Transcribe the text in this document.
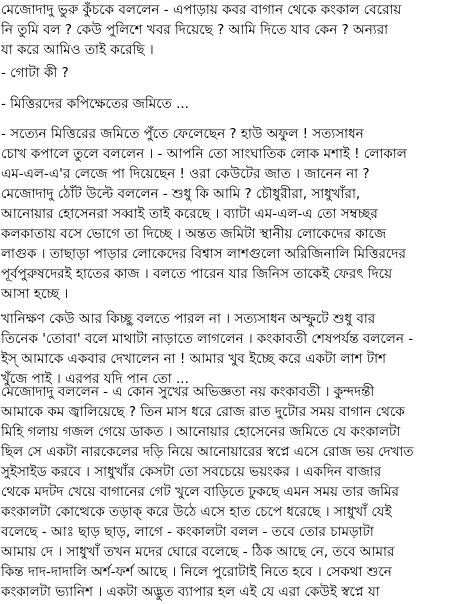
মেজোদাদু ভুরু কুঁচকে বললেন - এপাড়ায় কবর বাগান থেকে কংকাল বেরোয়
নি তুমি বল ? কেউ পুলিশে খবর দিয়েছে ? আমি দিতে যাব কেন ? অন্যরা
যা করে আমিও তাই করেছি ।
- গোটা কী ?
- মিত্তিরদের কপিক্ষেতের জমিতে ...
- সত্যেন মিত্তিরের জমিতে পুঁতে ফেলেছেন ? হাউ অফুল ! সত্যসাধন
চোখ কপালে তুলে বললেন । - আপনি তো সাংঘাতিক লোক মশাই ! লোকাল
এম-এল-এ'র লেজে পা দিয়েছেন ! ওরা কেউটের জাত । জানেন না ?
মেজোদাদু ঠোঁট উল্টে বললেন - শুধু কি আমি ? চৌধুরীরা, সাধুখাঁরা,
আনোয়ার হোসেনরা সব্বাই তাই করেছে । ব্যাটা এম-এল-এ তো সম্বচ্ছর
কলকাতায় বসে ভোগে তা দিচ্ছে । অন্তত জমিটা স্থানীয় লোকেদের কাজে
লাগুক । তাছাড়া পাড়ার লোকেদের বিশ্বাস লাশগুলো অরিজিনালি মিত্তিরদের
পূর্বপুরুষদেরই হাতের কাজ । বলতে পারেন যার জিনিস তাকেই ফেরৎ দিয়ে
আসা হচ্ছে ।
খানিক্ষণ কেউ আর কিচ্ছু বলতে পারল না । সত্যসাধন অস্ফুটে শুধু বার
তিনেক 'তোবা' বলে মাথাটা নাড়াতে লাগলেন । কংকাবতী শেষপর্যন্ত বললেন -
ইস্‌ আমাকে একবার দেখালেন না ! আমার খুব ইচ্ছে করে একটা লাশ টাশ
খুঁজে পাই । এরপর যদি পান তো ...
মেজোদাদু বললেন - এ কোন সুখের অভিজ্ঞতা নয় কংকাবতী । কুন্দদন্তী
আমাকে কম জ্বালিয়েছে ? তিন মাস ধরে রোজ রাত দুটোর সময় বাগান থেকে
মিহি গলায় গজল গেয়ে ডাকত । আনোয়ার হোসেনের জমিতে যে কংকালটা
ছিল সে একটা নারকেলের দড়ি নিয়ে আনোয়ারের স্বপ্নে এসে রোজ ভয় দেখাত
সুইসাইড করবে । সাধুখাঁর কেসটা তো সবচেয়ে ভয়ংকর । একদিন বাজার
থেকে মদটদ খেয়ে বাগানের গেট খুলে বাড়িতে ঢুকছে এমন সময় তার জমির
কংকালটা কোত্থেকে তড়াক্‌ করে উঠে এসে হাত চেপে ধরেছে । সাধুখাঁ যেই
বলেছে - আঃ ছাড় ছাড়, লাগে - কংকালটা বলল - তবে তোর চামড়াটা
আমায় দে । সাধুখাঁ তখন মদের ঘোরে বলেছে - ঠিক আছে নে, তবে আমার
কিন্ত দাদ-দাদালি অর্শ-ফর্শ আছে । নিলে পুরোটাই নিতে হবে । সেকথা শুনে
কংকালটা ভ্যানিশ । একটা অদ্ভুত ব্যাপার হল এই যে এরা কেউই স্বপ্নে যা
